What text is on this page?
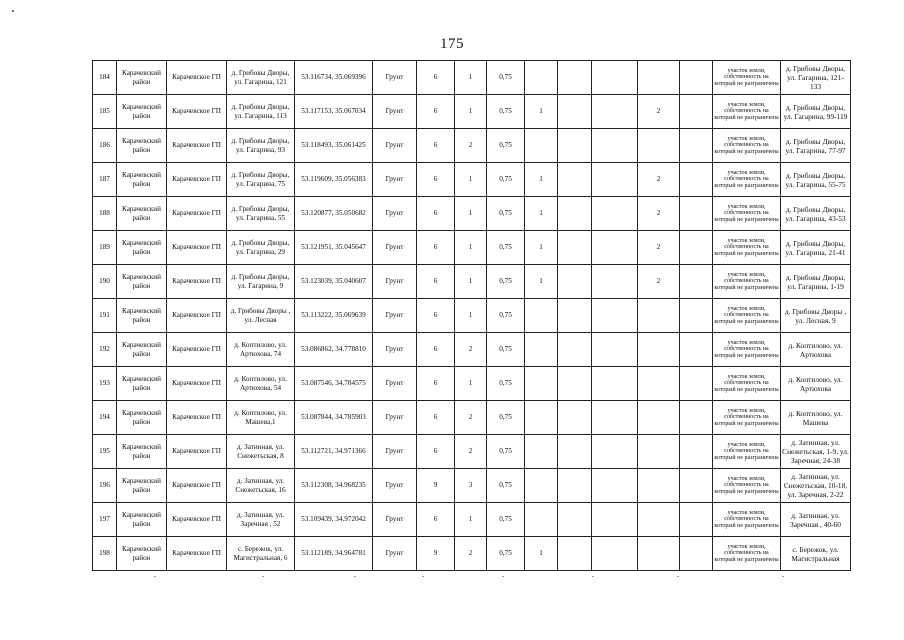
175
184	Карачевский район	Карачевское ГП	д. Грибовы Дворы, ул. Гагарина, 121	53.116734, 35.069396	Грунт	6	1	0,75						участок земли, собственность на который не разграничена	д. Грибовы Дворы, ул. Гагарина, 121-133
185	Карачевский район	Карачевское ГП	д. Грибовы Дворы, ул. Гагарина, 113	53.117153, 35.067034	Грунт	6	1	0,75	1			2		участок земли, собственность на который не разграничена	д. Грибовы Дворы, ул. Гагарина, 99-119
186	Карачевский район	Карачевское ГП	д. Грибовы Дворы, ул. Гагарина, 93	53.118493, 35.061425	Грунт	6	2	0,75						участок земли, собственность на который не разграничена	д. Грибовы Дворы, ул. Гагарина, 77-97
187	Карачевский район	Карачевское ГП	д. Грибовы Дворы, ул. Гагарина, 75	53.119609, 35.056383	Грунт	6	1	0,75	1			2		участок земли, собственность на который не разграничена	д. Грибовы Дворы, ул. Гагарина, 55-75
188	Карачевский район	Карачевское ГП	д. Грибовы Дворы, ул. Гагарина, 55	53.120877, 35.050682	Грунт	6	1	0,75	1			2		участок земли, собственность на который не разграничена	д. Грибовы Дворы, ул. Гагарина, 43-53
189	Карачевский район	Карачевское ГП	д. Грибовы Дворы, ул. Гагарина, 29	53.121951, 35.045647	Грунт	6	1	0,75	1			2		участок земли, собственность на который не разграничена	д. Грибовы Дворы, ул. Гагарина, 21-41
190	Карачевский район	Карачевское ГП	д. Грибовы Дворы, ул. Гагарина, 9	53.123039, 35.040607	Грунт	6	1	0,75	1			2		участок земли, собственность на который не разграничена	д. Грибовы Дворы, ул. Гагарина, 1-19
191	Карачевский район	Карачевское ГП	д. Грибовы Дворы , ул. Лесная	53.113222, 35.069639	Грунт	6	1	0,75						участок земли, собственность на который не разграничена	д. Грибовы Дворы , ул. Лесная, 9
192	Карачевский район	Карачевское ГП	д. Коптилово, ул. Артюхова, 74	53.086862, 34.778810	Грунт	6	2	0,75						участок земли, собственность на который не разграничена	д. Коптилово, ул. Артюхова
193	Карачевский район	Карачевское ГП	д. Коптилово, ул. Артюхова, 54	53.087546, 34.784575	Грунт	6	1	0,75						участок земли, собственность на который не разграничена	д. Коптилово, ул. Артюхова
194	Карачевский район	Карачевское ГП	д. Коптилово, ул. Машева,1	53.087844, 34.785903	Грунт	6	2	0,75						участок земли, собственность на который не разграничена	д. Коптилово, ул. Машева
195	Карачевский район	Карачевское ГП	д. Затинная, ул. Снежетьская, 8	53.112721, 34.971366	Грунт	6	2	0,75						участок земли, собственность на который не разграничена	д. Затинная, ул. Снежетьская, 1-9, ул. Заречная, 24-38
196	Карачевский район	Карачевское ГП	д. Затинная, ул. Снежетьская, 16	53.112308, 34.968235	Грунт	9	3	0,75						участок земли, собственность на который не разграничена	д. Затинная, ул. Снежетьская, 10-18, ул. Заречная, 2-22
197	Карачевский район	Карачевское ГП	д. Затинная, ул. Заречная , 52	53.109439, 34.972042	Грунт	6	1	0,75						участок земли, собственность на который не разграничена	д. Затинная, ул. Заречная , 40-60
198	Карачевский район	Карачевское ГП	с. Бережок, ул. Магистральная, 6	53.112189, 34.964781	Грунт	9	2	0,75	1					участок земли, собственность на который не разграничена	с. Бережок, ул. Магистральная
